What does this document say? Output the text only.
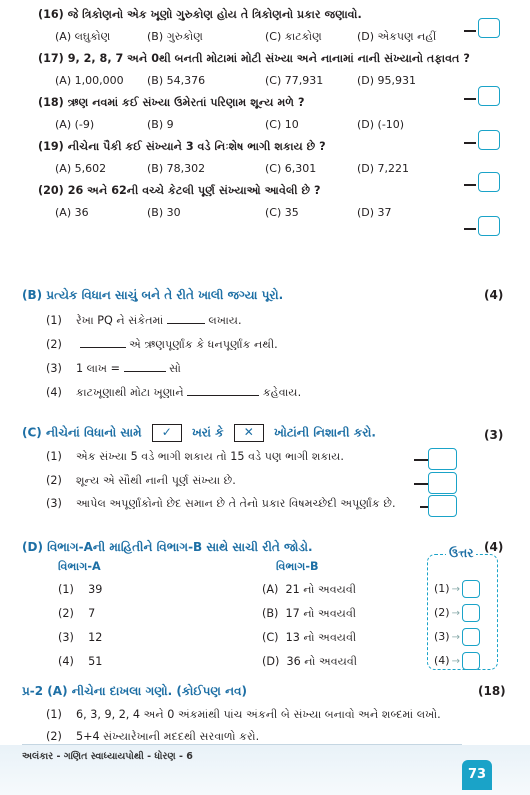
(16) જે ત્રિકોણનો એક ખૂણો ગુરુકોણ હોય તે ત્રિકોણનો પ્રકાર જણાવો.
(A) લઘુકોણ	(B) ગુરુકોણ	(C) કાટકોણ	(D) એકપણ નહીં
(17) 9, 2, 8, 7 અને 0થી બનતી મોટામાં મોટી સંખ્યા અને નાનામાં નાની સંખ્યાનો તફાવત ?
(A) 1,00,000 (B) 54,376	(C) 77,931	(D) 95,931
(18) ઋણ નવમાં કઈ સંખ્યા ઉમેરતાં પરિણામ શૂન્ય મળે ?
(A) (-9)	(B) 9	(C) 10	(D) (-10)
(19) નીચેના પૈકી કઈ સંખ્યાને 3 વડે નિઃશેષ ભાગી શકાય છે ?
(A) 5,602	(B) 78,302	(C) 6,301	(D) 7,221
(20) 26 અને 62ની વચ્ચે કેટલી પૂર્ણ સંખ્યાઓ આવેલી છે ?
(A) 36	(B) 30	(C) 35	(D) 37
(B) પ્રત્યેક વિધાન સાચું બને તે રીતે ખાલી જગ્યા પૂરો.	(4)
(1) રેખા PQ ને સંકેતમાં	લખાય.
(2)	એ ઋણપૂર્ણાંક કે ધનપૂર્ણાંક નથી.
(3) 1 લાખ =	સો
(4) કાટખૂણાથી મોટા ખૂણાને	કહેવાય.
(C) નીચેનાં વિધાનો સામે ✓ ખરાં કે ✕ ખોટાંની નિશાની કરો.	(3)
(1) એક સંખ્યા 5 વડે ભાગી શકાય તો 15 વડે પણ ભાગી શકાય.
(2) શૂન્ય એ સૌથી નાની પૂર્ણ સંખ્યા છે.
(3) આપેલ અપૂર્ણાંકોનો છેદ સમાન છે તે તેનો પ્રકાર વિષમચ્છેદી અપૂર્ણાંક છે.
(D) વિભાગ-Aની માહિતીને વિભાગ-B સાથે સાચી રીતે જોડો.	(4)
વિભાગ-A	વિભાગ-B
ઉત્તર
(1) 39	(A) 21 નો અવયવી	(1) →
(2) 7	(B) 17 નો અવયવી	(2) →
(3) 12	(C) 13 નો અવયવી	(3) →
(4) 51	(D) 36 નો અવયવી	(4) →
પ્ર-2 (A) નીચેના દાખલા ગણો. (કોઈપણ નવ)	(18)
(1) 6, 3, 9, 2, 4 અને 0 અંકમાંથી પાંચ અંકની બે સંખ્યા બનાવો અને શબ્દમાં લખો.
(2) 5+4 સંખ્યારેખાની મદદથી સરવાળો કરો.
અલંકાર - ગણિત સ્વાધ્યાયપોથી - ધોરણ - 6
73
